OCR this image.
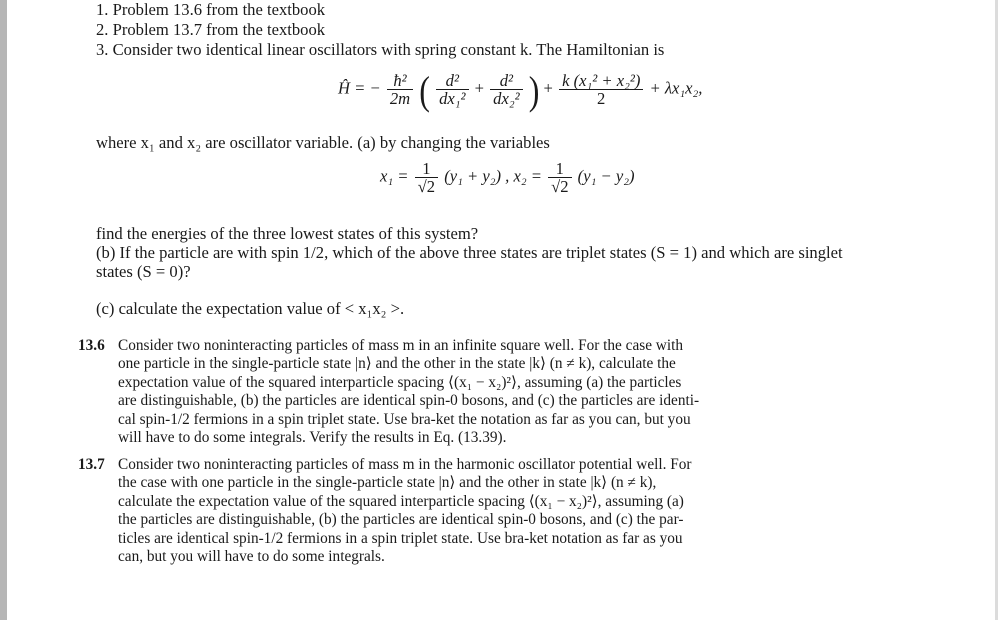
1. Problem 13.6 from the textbook
2. Problem 13.7 from the textbook
3. Consider two identical linear oscillators with spring constant k. The Hamiltonian is
Ĥ = − $\frac{\text{ħ²}}{2m}$ ( $\frac{\text{d²}}{\text{dx₁²}} + \frac{\text{d²}}{\text{dx₂²}}$ ) + $\frac{\text{k (x₁² + x₂²)}}{2} + \lambda x_1x_2$,
where x₁ and x₂ are oscillator variable. (a) by changing the variables
$x_1 = \frac{1}{√2} (y_1 + y_2)$ , $x_2 = \frac{1}{√2} (y_1 - y_2)$
find the energies of the three lowest states of this system?
(b) If the particle are with spin 1/2, which of the above three states are triplet states (S = 1) and which are singlet
states (S = 0)?
(c) calculate the expectation value of < x₁x₂ >.
13.6 Consider two noninteracting particles of mass m in an infinite square well. For the case with
one particle in the single-particle state |n⟩ and the other in the state |k⟩ (n ≠ k), calculate the
expectation value of the squared interparticle spacing ⟨(x₁ − x₂)²⟩, assuming (a) the particles
are distinguishable, (b) the particles are identical spin-0 bosons, and (c) the particles are identi-
cal spin-1/2 fermions in a spin triplet state. Use bra-ket the notation as far as you can, but you
will have to do some integrals. Verify the results in Eq. (13.39).
13.7 Consider two noninteracting particles of mass m in the harmonic oscillator potential well. For
the case with one particle in the single-particle state |n⟩ and the other in state |k⟩ (n ≠ k),
calculate the expectation value of the squared interparticle spacing ⟨(x₁ − x₂)²⟩, assuming (a)
the particles are distinguishable, (b) the particles are identical spin-0 bosons, and (c) the par-
ticles are identical spin-1/2 fermions in a spin triplet state. Use bra-ket notation as far as you
can, but you will have to do some integrals.
